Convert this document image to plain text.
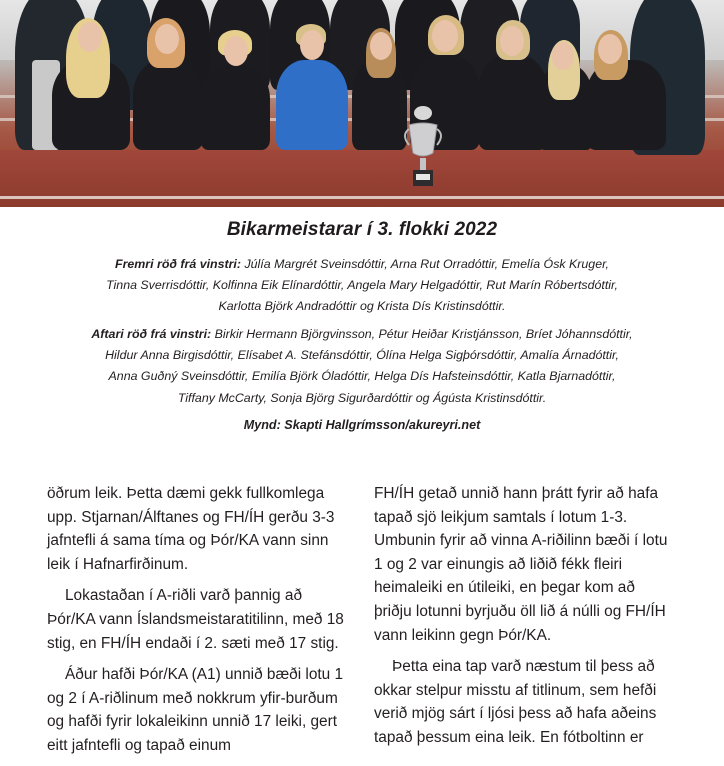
Bikarmeistarar í 3. flokki 2022
Fremri röð frá vinstri: Júlía Margrét Sveinsdóttir, Arna Rut Orradóttir, Emelía Ósk Kruger,
Tinna Sverrisdóttir, Kolfinna Eik Elínardóttir, Angela Mary Helgadóttir, Rut Marín Róbertsdóttir,
Karlotta Björk Andradóttir og Krista Dís Kristinsdóttir.
Aftari röð frá vinstri: Birkir Hermann Björgvinsson, Pétur Heiðar Kristjánsson, Bríet Jóhannsdóttir,
Hildur Anna Birgisdóttir, Elísabet A. Stefánsdóttir, Ólína Helga Sigþórsdóttir, Amalía Árnadóttir,
Anna Guðný Sveinsdóttir, Emilía Björk Óladóttir, Helga Dís Hafsteinsdóttir, Katla Bjarnadóttir,
Tiffany McCarty, Sonja Björg Sigurðardóttir og Ágústa Kristinsdóttir.
Mynd: Skapti Hallgrímsson/akureyri.net

öðrum leik. Þetta dæmi gekk fullkomlega upp. Stjarnan/Álftanes og FH/ÍH gerðu 3-3 jafntefli á sama tíma og Þór/KA vann sinn leik í Hafnarfirðinum.

Lokastaðan í A-riðli varð þannig að Þór/KA vann Íslandsmeistaratitilinn, með 18 stig, en FH/ÍH endaði í 2. sæti með 17 stig.

Áður hafði Þór/KA (A1) unnið bæði lotu 1 og 2 í A-riðlinum með nokkrum yfir-burðum og hafði fyrir lokaleikinn unnið 17 leiki, gert eitt jafntefli og tapað einum

FH/ÍH getað unnið hann þrátt fyrir að hafa tapað sjö leikjum samtals í lotum 1-3. Umbunin fyrir að vinna A-riðilinn bæði í lotu 1 og 2 var einungis að liðið fékk fleiri heimaleiki en útileiki, en þegar kom að þriðju lotunni byrjuðu öll lið á núlli og FH/ÍH vann leikinn gegn Þór/KA.

Þetta eina tap varð næstum til þess að okkar stelpur misstu af titlinum, sem hefði verið mjög sárt í ljósi þess að hafa aðeins tapað þessum eina leik. En fótboltinn er
